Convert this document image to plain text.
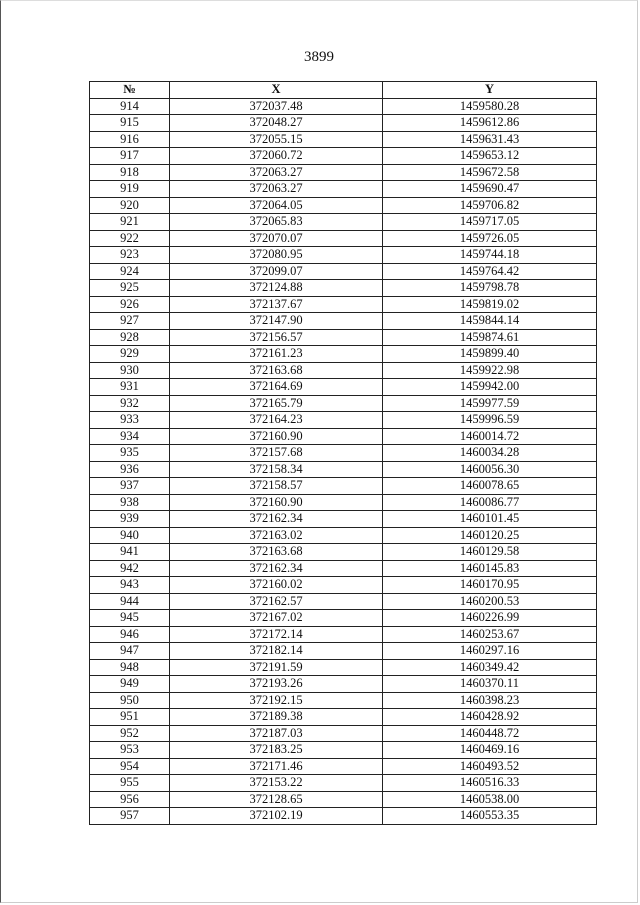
3899
№	X	Y
914	372037.48	1459580.28
915	372048.27	1459612.86
916	372055.15	1459631.43
917	372060.72	1459653.12
918	372063.27	1459672.58
919	372063.27	1459690.47
920	372064.05	1459706.82
921	372065.83	1459717.05
922	372070.07	1459726.05
923	372080.95	1459744.18
924	372099.07	1459764.42
925	372124.88	1459798.78
926	372137.67	1459819.02
927	372147.90	1459844.14
928	372156.57	1459874.61
929	372161.23	1459899.40
930	372163.68	1459922.98
931	372164.69	1459942.00
932	372165.79	1459977.59
933	372164.23	1459996.59
934	372160.90	1460014.72
935	372157.68	1460034.28
936	372158.34	1460056.30
937	372158.57	1460078.65
938	372160.90	1460086.77
939	372162.34	1460101.45
940	372163.02	1460120.25
941	372163.68	1460129.58
942	372162.34	1460145.83
943	372160.02	1460170.95
944	372162.57	1460200.53
945	372167.02	1460226.99
946	372172.14	1460253.67
947	372182.14	1460297.16
948	372191.59	1460349.42
949	372193.26	1460370.11
950	372192.15	1460398.23
951	372189.38	1460428.92
952	372187.03	1460448.72
953	372183.25	1460469.16
954	372171.46	1460493.52
955	372153.22	1460516.33
956	372128.65	1460538.00
957	372102.19	1460553.35
